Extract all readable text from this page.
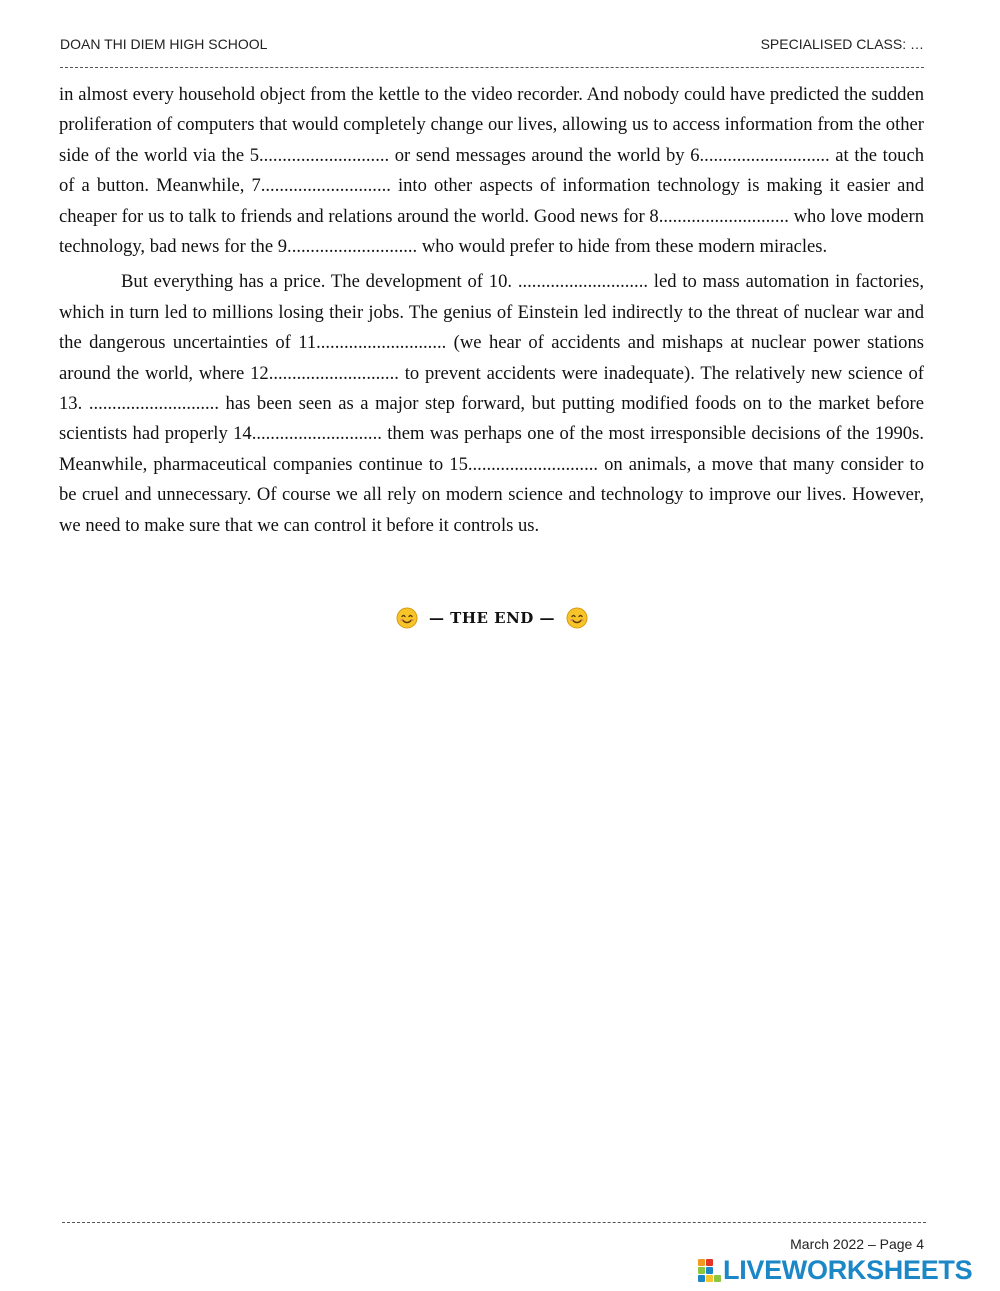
DOAN THI DIEM HIGH SCHOOL	SPECIALISED CLASS: …

in almost every household object from the kettle to the video recorder. And nobody could have predicted the sudden proliferation of computers that would completely change our lives, allowing us to access information from the other side of the world via the 5............................ or send messages around the world by 6............................ at the touch of a button. Meanwhile, 7............................ into other aspects of information technology is making it easier and cheaper for us to talk to friends and relations around the world. Good news for 8............................ who love modern technology, bad news for the 9............................ who would prefer to hide from these modern miracles.

But everything has a price. The development of 10. ............................ led to mass automation in factories, which in turn led to millions losing their jobs. The genius of Einstein led indirectly to the threat of nuclear war and the dangerous uncertainties of 11............................ (we hear of accidents and mishaps at nuclear power stations around the world, where 12............................ to prevent accidents were inadequate). The relatively new science of 13. ............................ has been seen as a major step forward, but putting modified foods on to the market before scientists had properly 14............................ them was perhaps one of the most irresponsible decisions of the 1990s. Meanwhile, pharmaceutical companies continue to 15............................ on animals, a move that many consider to be cruel and unnecessary. Of course we all rely on modern science and technology to improve our lives. However, we need to make sure that we can control it before it controls us.

— THE END —
March 2022 – Page 4
LIVEWORKSHEETS
